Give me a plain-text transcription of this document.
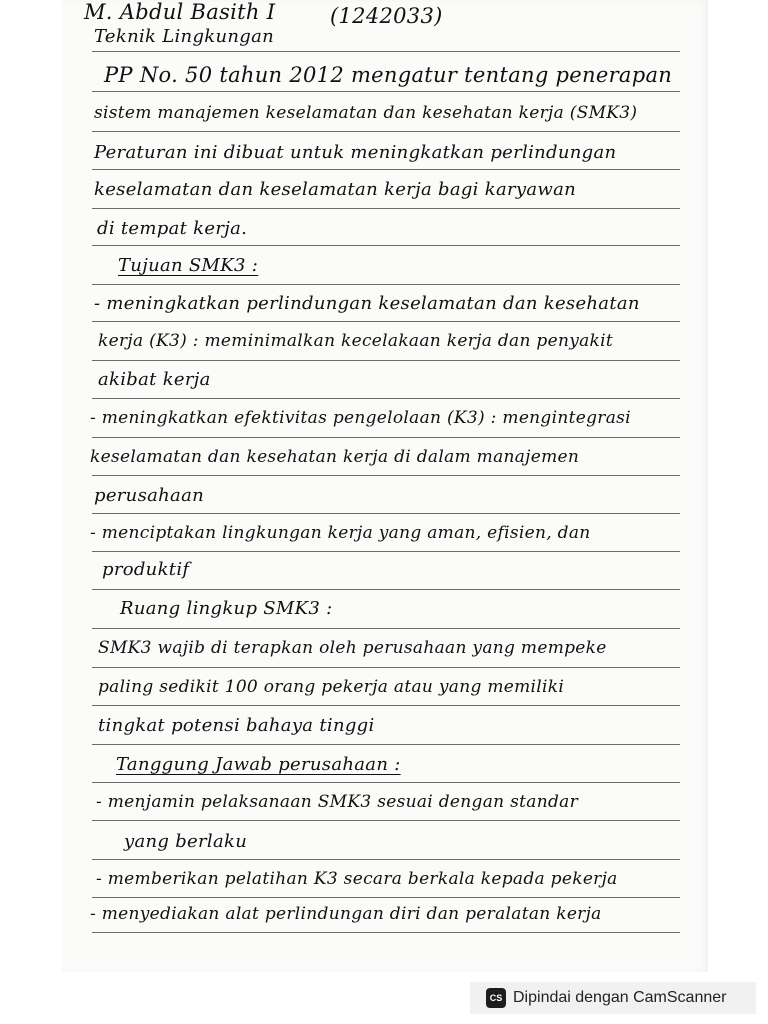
M. Abdul Basith I	(1242033)
Teknik Lingkungan
PP No. 50 tahun 2012 mengatur tentang penerapan
sistem manajemen keselamatan dan kesehatan kerja (SMK3)
Peraturan ini dibuat untuk meningkatkan perlindungan
keselamatan dan keselamatan kerja bagi karyawan
di tempat kerja.
Tujuan SMK3 :
- meningkatkan perlindungan keselamatan dan kesehatan
kerja (K3) : meminimalkan kecelakaan kerja dan penyakit
akibat kerja
- meningkatkan efektivitas pengelolaan (K3) : mengintegrasi
keselamatan dan kesehatan kerja di dalam manajemen
perusahaan
- menciptakan lingkungan kerja yang aman, efisien, dan
produktif
Ruang lingkup SMK3 :
SMK3 wajib di terapkan oleh perusahaan yang mempeke
paling sedikit 100 orang pekerja atau yang memiliki
tingkat potensi bahaya tinggi
Tanggung Jawab perusahaan :
- menjamin pelaksanaan SMK3 sesuai dengan standar
yang berlaku
- memberikan pelatihan K3 secara berkala kepada pekerja
- menyediakan alat perlindungan diri dan peralatan kerja
CS Dipindai dengan CamScanner
